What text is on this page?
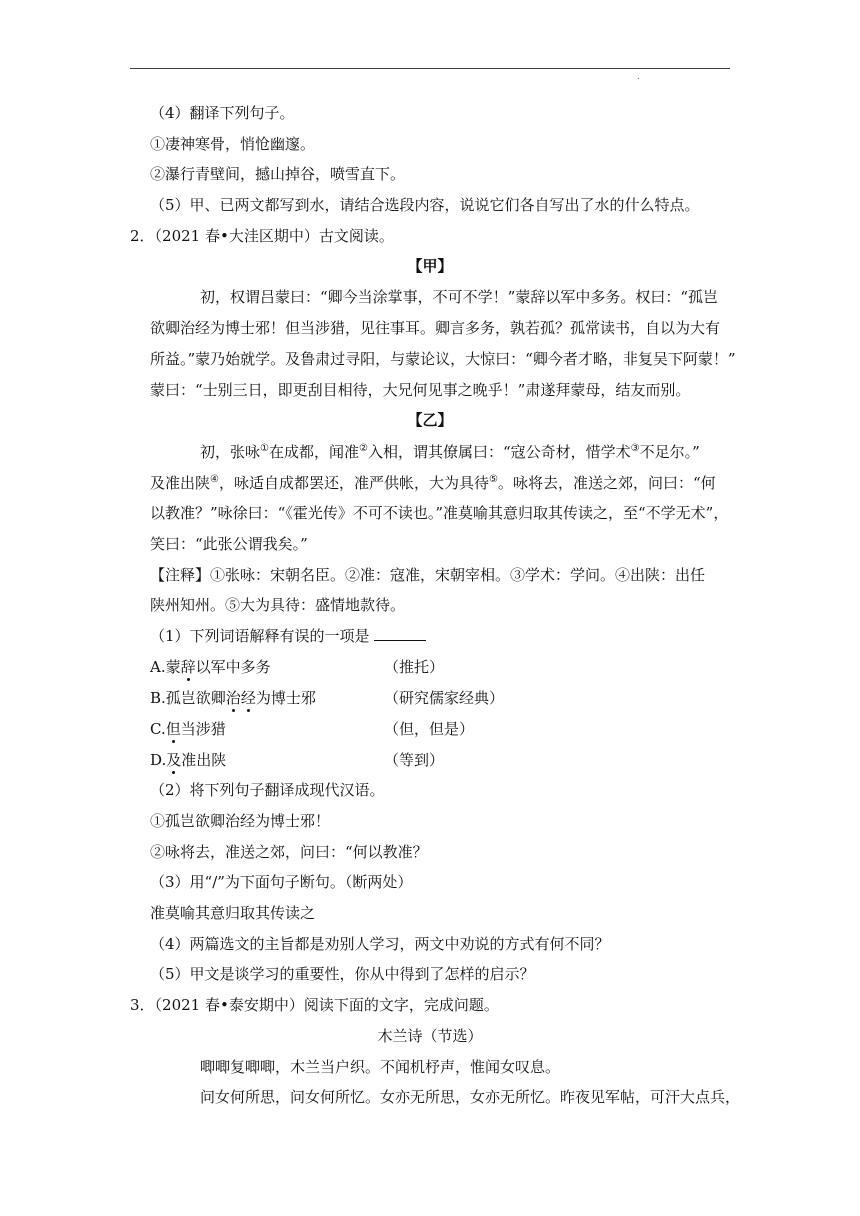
.
（4）翻译下列句子。
①凄神寒骨，悄怆幽邃。
②瀑行青壁间，撼山掉谷，喷雪直下。
（5）甲、已两文都写到水，请结合选段内容，说说它们各自写出了水的什么特点。
2．（2021 春•大洼区期中）古文阅读。
【甲】
初，权谓吕蒙曰：“卿今当涂掌事，不可不学！”蒙辞以军中多务。权曰：“孤岂
欲卿治经为博士邪！但当涉猎，见往事耳。卿言多务，孰若孤？孤常读书，自以为大有
所益。”蒙乃始就学。及鲁肃过寻阳，与蒙论议，大惊曰：“卿今者才略，非复吴下阿蒙！”
蒙曰：“士别三日，即更刮目相待，大兄何见事之晚乎！”肃遂拜蒙母，结友而别。
【乙】
初，张咏①在成都，闻准②入相，谓其僚属曰：“寇公奇材，惜学术③不足尔。”
及准出陕④，咏适自成都罢还，准严供帐，大为具待⑤。咏将去，准送之郊，问曰：“何
以教准？”咏徐曰：“《霍光传》不可不读也。”准莫喻其意归取其传读之，至“不学无术”，
笑曰：“此张公谓我矣。”
【注释】①张咏：宋朝名臣。②准：寇准，宋朝宰相。③学术：学问。④出陕：出任
陕州知州。⑤大为具待：盛情地款待。
（1）下列词语解释有误的一项是
A.蒙辞以军中多务	（推托）
B.孤岂欲卿治经为博士邪	（研究儒家经典）
C.但当涉猎	（但，但是）
D.及准出陕	（等到）
（2）将下列句子翻译成现代汉语。
①孤岂欲卿治经为博士邪！
②咏将去，准送之郊，问曰：“何以教准？
（3）用“/”为下面句子断句。（断两处）
准莫喻其意归取其传读之
（4）两篇选文的主旨都是劝别人学习，两文中劝说的方式有何不同？
（5）甲文是谈学习的重要性，你从中得到了怎样的启示？
3．（2021 春•泰安期中）阅读下面的文字，完成问题。
木兰诗（节选）
唧唧复唧唧，木兰当户织。不闻机杼声，惟闻女叹息。
问女何所思，问女何所忆。女亦无所思，女亦无所忆。昨夜见军帖，可汗大点兵，
